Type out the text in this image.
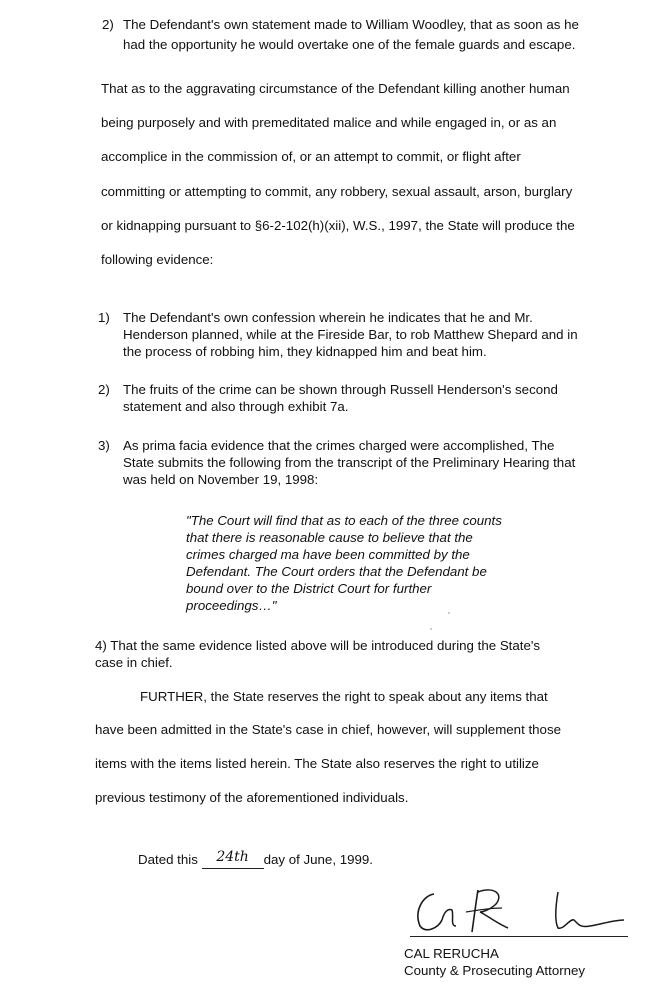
2) The Defendant's own statement made to William Woodley, that as soon as he
had the opportunity he would overtake one of the female guards and escape.
That as to the aggravating circumstance of the Defendant killing another human
being purposely and with premeditated malice and while engaged in, or as an
accomplice in the commission of, or an attempt to commit, or flight after
committing or attempting to commit, any robbery, sexual assault, arson, burglary
or kidnapping pursuant to §6-2-102(h)(xii), W.S., 1997, the State will produce the
following evidence:
1) The Defendant's own confession wherein he indicates that he and Mr.
Henderson planned, while at the Fireside Bar, to rob Matthew Shepard and in
the process of robbing him, they kidnapped him and beat him.
2) The fruits of the crime can be shown through Russell Henderson's second
statement and also through exhibit 7a.
3) As prima facia evidence that the crimes charged were accomplished, The
State submits the following from the transcript of the Preliminary Hearing that
was held on November 19, 1998:
"The Court will find that as to each of the three counts
that there is reasonable cause to believe that the
crimes charged ma have been committed by the
Defendant. The Court orders that the Defendant be
bound over to the District Court for further
proceedings…"
4) That the same evidence listed above will be introduced during the State's
case in chief.
FURTHER, the State reserves the right to speak about any items that
have been admitted in the State's case in chief, however, will supplement those
items with the items listed herein. The State also reserves the right to utilize
previous testimony of the aforementioned individuals.
Dated this 24th day of June, 1999.
CAL RERUCHA
County & Prosecuting Attorney
